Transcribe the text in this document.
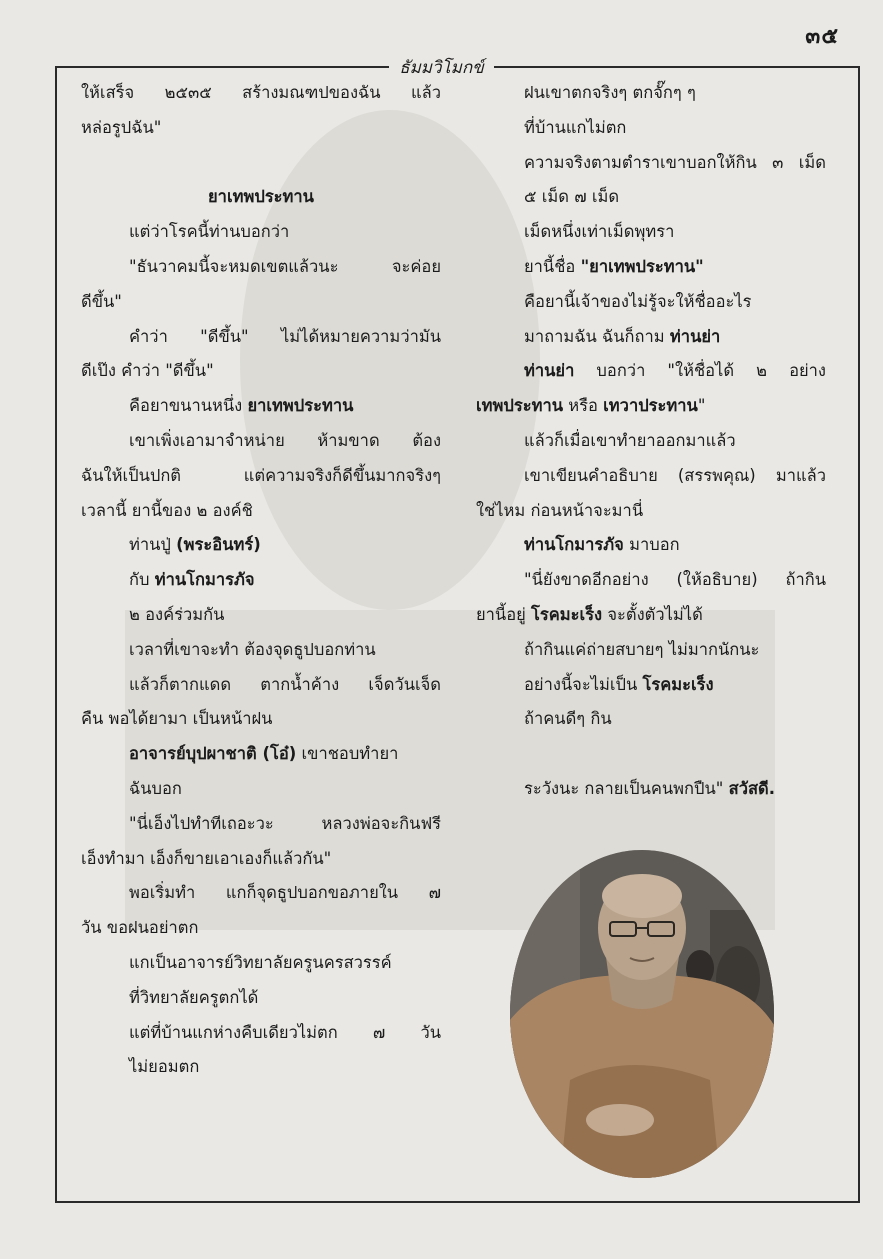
๓๕
ธัมมวิโมกข์
ให้เสร็จ ๒๕๓๕ สร้างมณฑปของฉัน แล้ว
หล่อรูปฉัน"
ยาเทพประทาน
แต่ว่าโรคนี้ท่านบอกว่า
"ธันวาคมนี้จะหมดเขตแล้วนะ จะค่อย
ดีขึ้น"
คำว่า "ดีขึ้น" ไม่ได้หมายความว่ามัน
ดีเป๊ง คำว่า "ดีขึ้น"
คือยาขนานหนึ่ง ยาเทพประทาน
เขาเพิ่งเอามาจำหน่าย ห้ามขาด ต้อง
ฉันให้เป็นปกติ แต่ความจริงก็ดีขึ้นมากจริงๆ
เวลานี้ ยานี้ของ ๒ องค์ชิ
ท่านปู่ (พระอินทร์)
กับ ท่านโกมารภัจ
๒ องค์ร่วมกัน
เวลาที่เขาจะทำ ต้องจุดธูปบอกท่าน
แล้วก็ตากแดด ตากน้ำค้าง เจ็ดวันเจ็ด
คืน พอได้ยามา เป็นหน้าฝน
อาจารย์บุปผาชาติ (โอ๋) เขาชอบทำยา
ฉันบอก
"นี่เอ็งไปทำทีเถอะวะ หลวงพ่อจะกินฟรี
เอ็งทำมา เอ็งก็ขายเอาเองก็แล้วกัน"
พอเริ่มทำ แกก็จุดธูปบอกขอภายใน ๗
วัน ขอฝนอย่าตก
แกเป็นอาจารย์วิทยาลัยครูนครสวรรค์
ที่วิทยาลัยครูตกได้
แต่ที่บ้านแกห่างคืบเดียวไม่ตก ๗ วัน
ไม่ยอมตก
ฝนเขาตกจริงๆ ตกจั๊กๆ ๆ
ที่บ้านแกไม่ตก
ความจริงตามตำราเขาบอกให้กิน ๓ เม็ด
๕ เม็ด ๗ เม็ด
เม็ดหนึ่งเท่าเม็ดพุทรา
ยานี้ชื่อ "ยาเทพประทาน"
คือยานี้เจ้าของไม่รู้จะให้ชื่ออะไร
มาถามฉัน ฉันก็ถาม ท่านย่า
ท่านย่า บอกว่า "ให้ชื่อได้ ๒ อย่าง
เทพประทาน หรือ เทวาประทาน"
แล้วก็เมื่อเขาทำยาออกมาแล้ว
เขาเขียนคำอธิบาย (สรรพคุณ) มาแล้ว
ใช่ไหม ก่อนหน้าจะมานี่
ท่านโกมารภัจ มาบอก
"นี่ยังขาดอีกอย่าง (ให้อธิบาย) ถ้ากิน
ยานี้อยู่ โรคมะเร็ง จะตั้งตัวไม่ได้
ถ้ากินแค่ถ่ายสบายๆ ไม่มากนักนะ
อย่างนี้จะไม่เป็น โรคมะเร็ง
ถ้าคนดีๆ กิน
ระวังนะ กลายเป็นคนพกปืน" สวัสดี.
